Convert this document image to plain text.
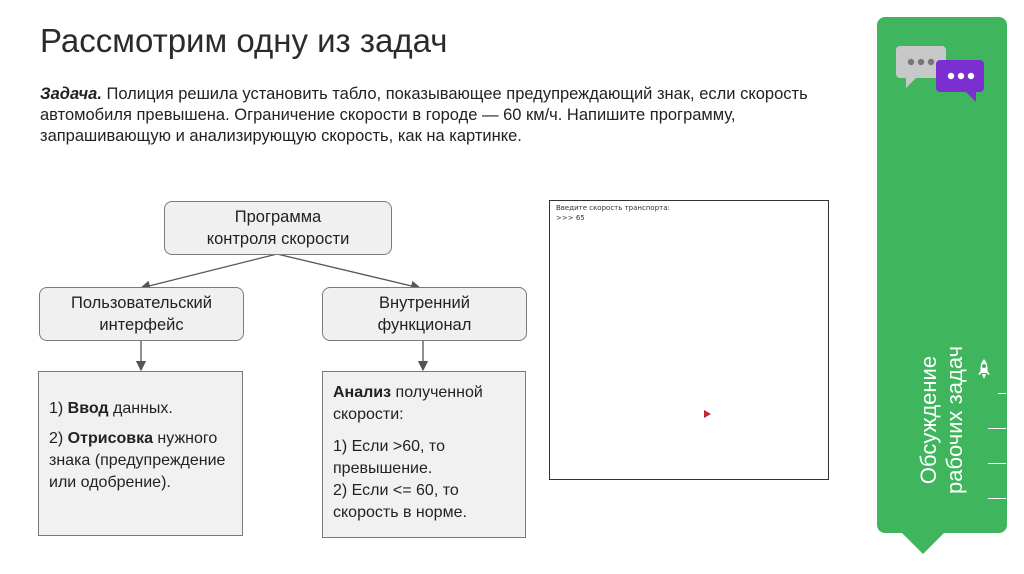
Рассмотрим одну из задач
Задача. Полиция решила установить табло, показывающее предупреждающий знак, если скорость автомобиля превышена. Ограничение скорости в городе — 60 км/ч. Напишите программу, запрашивающую и анализирующую скорость, как на картинке.
Программа
контроля скорости
Пользовательский
интерфейс
Внутренний
функционал

1) Ввод данных.

2) Отрисовка нужного знака (предупреждение или одобрение).

Анализ полученной скорости:

1) Если >60, то превышение.

2) Если <= 60, то скорость в норме.

Введите скорость транспорта:
>>> 65
Обсуждение рабочих задач
